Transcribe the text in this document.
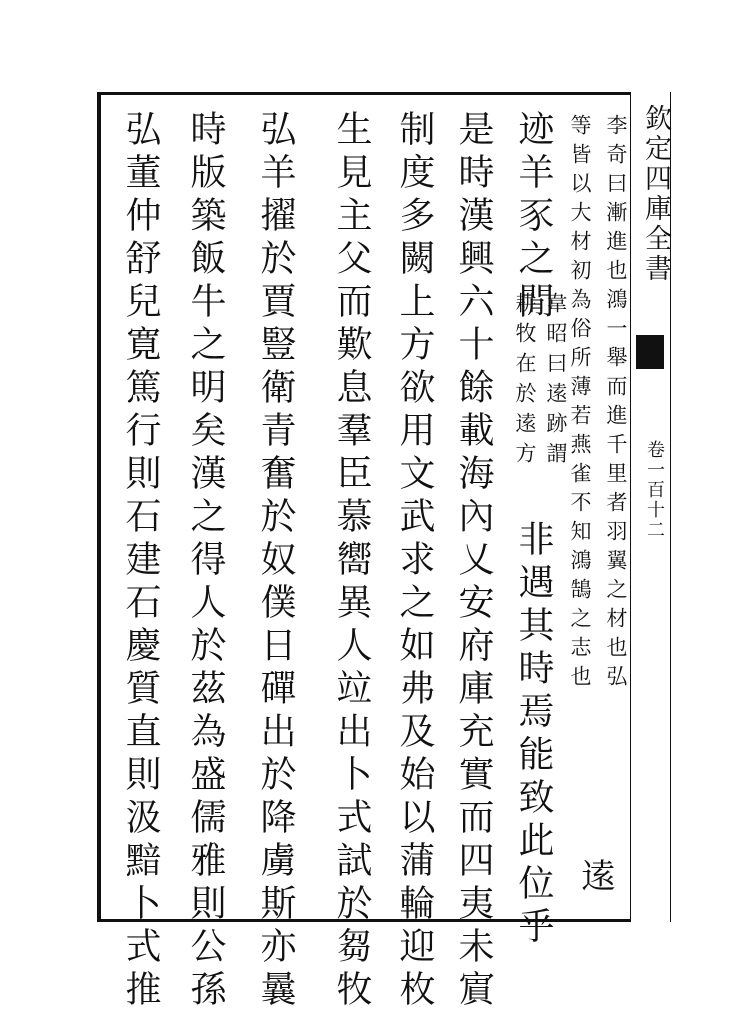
欽定四庫全書
卷一百十二
李奇曰漸進也鴻一舉而進千里者羽翼之材也弘
等皆以大材初為俗所薄若燕雀不知鴻鵠之志也
逺
迹羊豕之閒
韋昭曰逺跡謂
耕牧在於逺方
非遇其時焉能致此位乎
是時漢興六十餘載海內乂安府庫充實而四夷未賔
制度多闕上方欲用文武求之如弗及始以蒲輪迎枚
生見主父而歎息羣臣慕嚮異人竝出卜式試於芻牧
弘羊擢於賈豎衛青奮於奴僕日磾出於降虜斯亦曩
時版築飯牛之明矣漢之得人於茲為盛儒雅則公孫
弘董仲舒兒寛篤行則石建石慶質直則汲黯卜式推
